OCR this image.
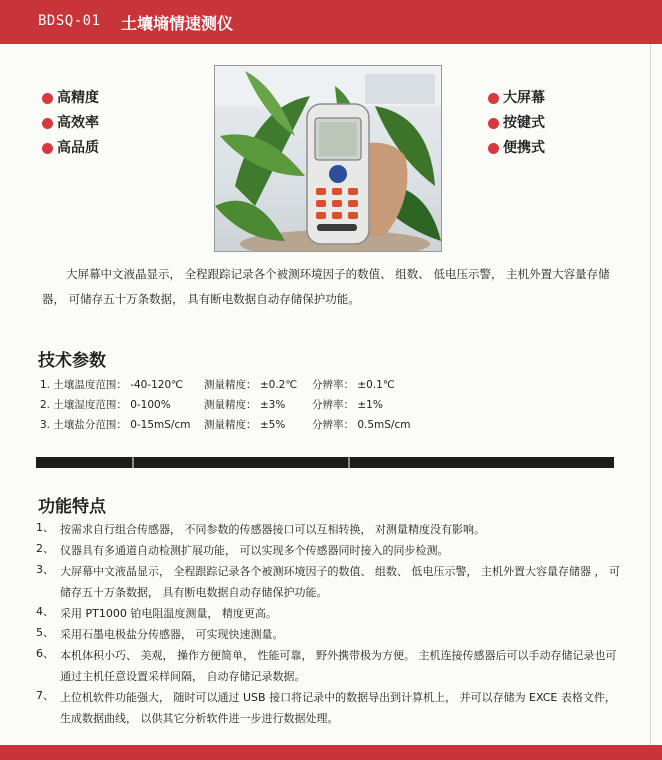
BDSQ-01 土壤墒情速测仪
高精度
高效率
高品质
大屏幕
按键式
便携式
大屏幕中文液晶显示， 全程跟踪记录各个被测环境因子的数值、 组数、 低电压示警， 主机外置大容量存储器， 可储存五十万条数据， 具有断电数据自动存储保护功能。
技术参数
1. 土壤温度范围： -40-120℃ 测量精度： ±0.2℃ 分辨率： ±0.1℃
2. 土壤湿度范围： 0-100%	测量精度： ±3%	分辨率： ±1%
3. 土壤盐分范围： 0-15mS/cm 测量精度： ±5%	分辨率： 0.5mS/cm
功能特点
1、 按需求自行组合传感器， 不同参数的传感器接口可以互相转换， 对测量精度没有影响。
2、 仪器具有多通道自动检测扩展功能， 可以实现多个传感器同时接入的同步检测。
3、 大屏幕中文液晶显示， 全程跟踪记录各个被测环境因子的数值、 组数、 低电压示警， 主机外置大容量存储器 ， 可储存五十万条数据， 具有断电数据自动存储保护功能。
4、 采用 PT1000 铂电阻温度测量， 精度更高。
5、 采用石墨电极盐分传感器， 可实现快速测量。
6、 本机体积小巧、 美观， 操作方便简单， 性能可靠， 野外携带极为方便。 主机连接传感器后可以手动存储记录也可通过主机任意设置采样间隔， 自动存储记录数据。
7、 上位机软件功能强大， 随时可以通过 USB 接口将记录中的数据导出到计算机上， 并可以存储为 EXCE 表格文件， 生成数据曲线， 以供其它分析软件进一步进行数据处理。
